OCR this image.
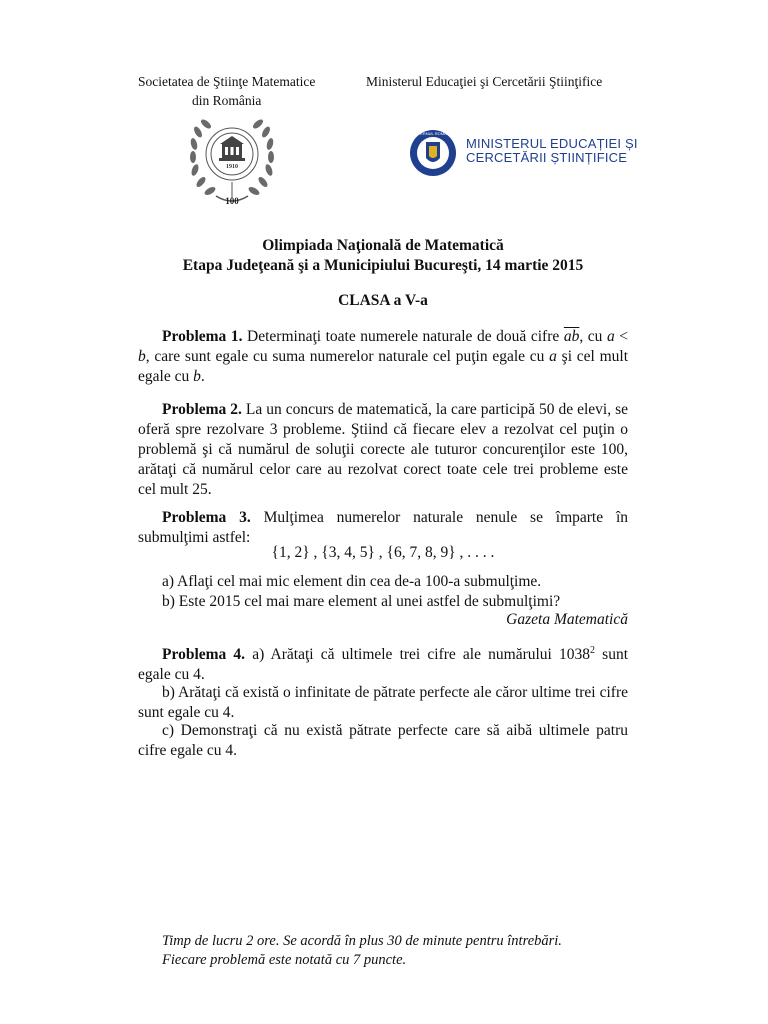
Societatea de Ştiinţe Matematice
din România
Ministerul Educaţiei şi Cercetării Ştiinţifice
1910
100
GUVERNUL ROMÂNIEI
MINISTERUL EDUCAȚIEI ȘI
CERCETĂRII ȘTIINȚIFICE
Olimpiada Naţională de Matematică
Etapa Judeţeană şi a Municipiului Bucureşti, 14 martie 2015
CLASA a V-a
Problema 1. Determinaţi toate numerele naturale de două cifre $\overline{ab}$, cu a < b, care sunt egale cu suma numerelor naturale cel puţin egale cu a şi cel mult egale cu b.
Problema 2. La un concurs de matematică, la care participă 50 de elevi, se oferă spre rezolvare 3 probleme. Ştiind că fiecare elev a rezolvat cel puţin o problemă şi că numărul de soluţii corecte ale tuturor concurenţilor este 100, arătaţi că numărul celor care au rezolvat corect toate cele trei probleme este cel mult 25.
Problema 3. Mulţimea numerelor naturale nenule se împarte în submulţimi astfel:
{1, 2} , {3, 4, 5} , {6, 7, 8, 9} , . . . .
a) Aflaţi cel mai mic element din cea de-a 100-a submulţime.
b) Este 2015 cel mai mare element al unei astfel de submulţimi?
Gazeta Matematică
Problema 4. a) Arătaţi că ultimele trei cifre ale numărului 1038$^2$ sunt egale cu 4.
b) Arătaţi că există o infinitate de pătrate perfecte ale căror ultime trei cifre sunt egale cu 4.
c) Demonstraţi că nu există pătrate perfecte care să aibă ultimele patru cifre egale cu 4.
Timp de lucru 2 ore. Se acordă în plus 30 de minute pentru întrebări.
Fiecare problemă este notată cu 7 puncte.
